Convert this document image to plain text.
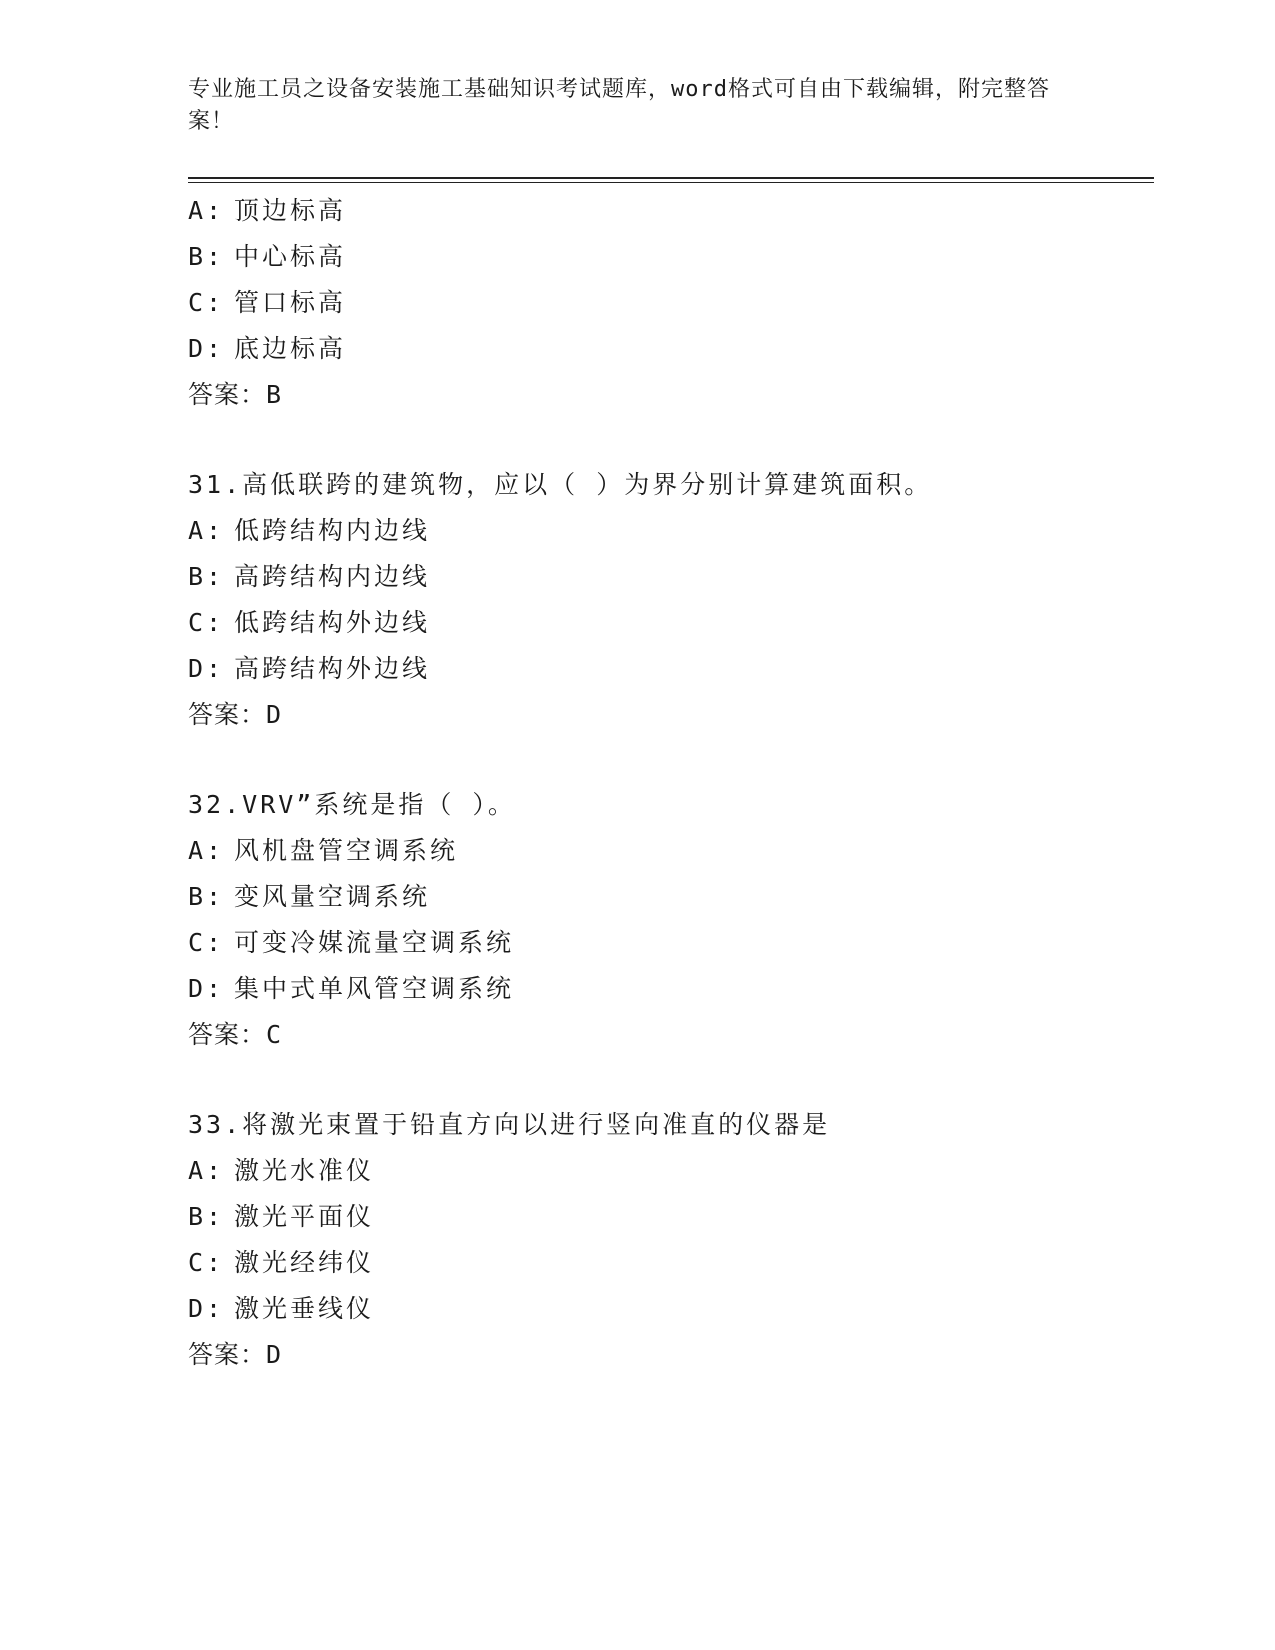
专业施工员之设备安装施工基础知识考试题库，word格式可自由下载编辑，附完整答案！
A: 顶边标高
B: 中心标高
C: 管口标高
D: 底边标高
答案：B
31.高低联跨的建筑物，应以（ ）为界分别计算建筑面积。
A: 低跨结构内边线
B: 高跨结构内边线
C: 低跨结构外边线
D: 高跨结构外边线
答案：D
32.VRV”系统是指（ ）。
A: 风机盘管空调系统
B: 变风量空调系统
C: 可变冷媒流量空调系统
D: 集中式单风管空调系统
答案：C
33.将激光束置于铅直方向以进行竖向准直的仪器是
A: 激光水准仪
B: 激光平面仪
C: 激光经纬仪
D: 激光垂线仪
答案：D
